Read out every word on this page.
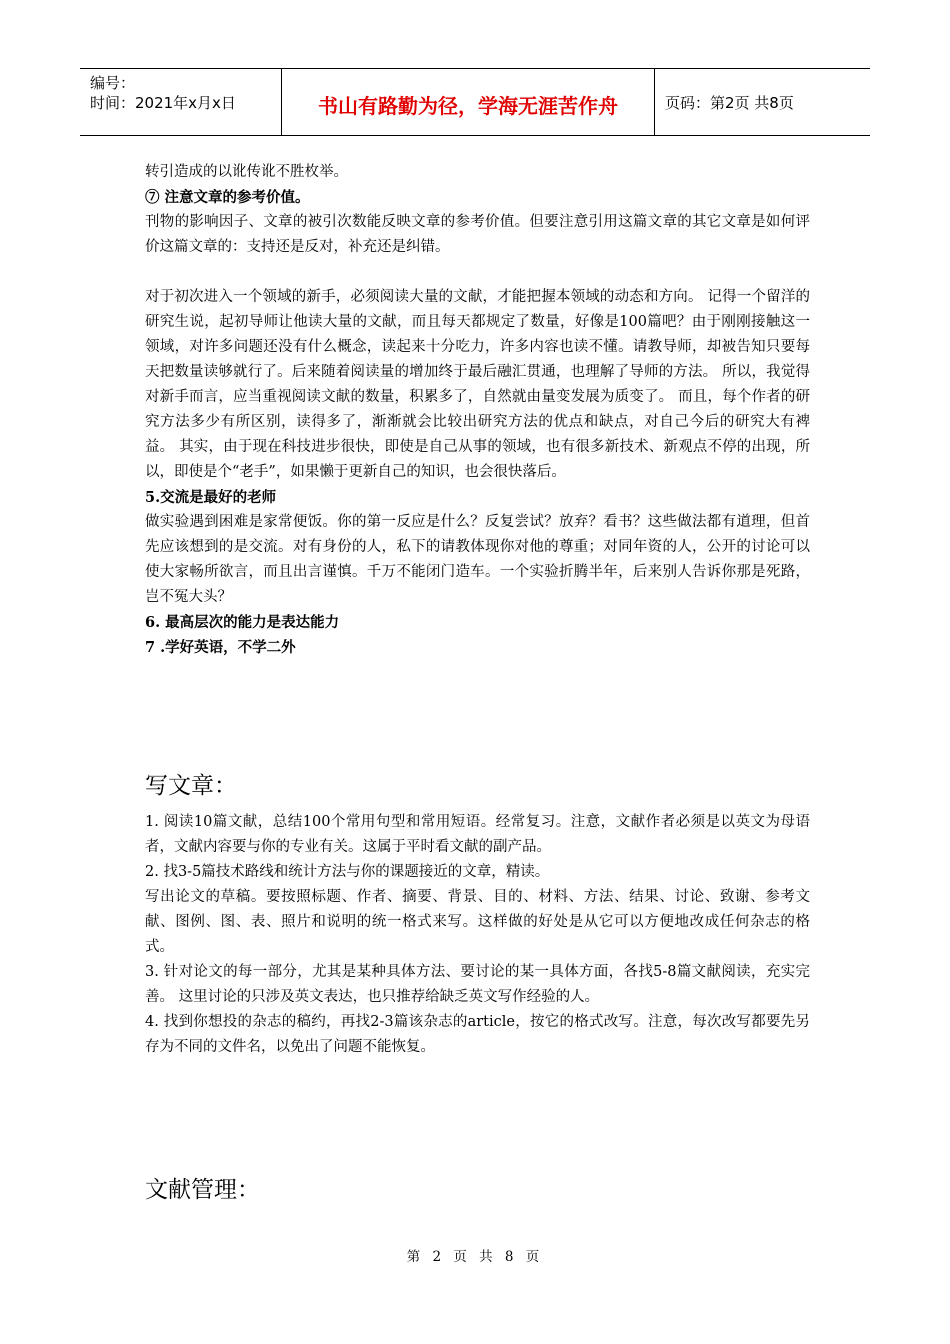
编号：
时间：2021年x月x日	书山有路勤为径，学海无涯苦作舟	页码：第2页 共8页

转引造成的以讹传讹不胜枚举。

⑦ 注意文章的参考价值。

刊物的影响因子、文章的被引次数能反映文章的参考价值。但要注意引用这篇文章的其它文章是如何评价这篇文章的：支持还是反对，补充还是纠错。

对于初次进入一个领域的新手，必须阅读大量的文献，才能把握本领域的动态和方向。 记得一个留洋的研究生说，起初导师让他读大量的文献，而且每天都规定了数量，好像是100篇吧？由于刚刚接触这一领域，对许多问题还没有什么概念，读起来十分吃力，许多内容也读不懂。请教导师，却被告知只要每天把数量读够就行了。后来随着阅读量的增加终于最后融汇贯通，也理解了导师的方法。 所以，我觉得对新手而言，应当重视阅读文献的数量，积累多了，自然就由量变发展为质变了。 而且，每个作者的研究方法多少有所区别，读得多了，渐渐就会比较出研究方法的优点和缺点，对自己今后的研究大有裨益。 其实，由于现在科技进步很快，即使是自己从事的领域，也有很多新技术、新观点不停的出现，所以，即使是个“老手”，如果懒于更新自己的知识，也会很快落后。

5.交流是最好的老师

做实验遇到困难是家常便饭。你的第一反应是什么？反复尝试？放弃？看书？这些做法都有道理，但首先应该想到的是交流。对有身份的人，私下的请教体现你对他的尊重；对同年资的人，公开的讨论可以使大家畅所欲言，而且出言谨慎。千万不能闭门造车。一个实验折腾半年，后来别人告诉你那是死路，岂不冤大头？

6. 最高层次的能力是表达能力

7 .学好英语，不学二外

写文章：

1. 阅读10篇文献，总结100个常用句型和常用短语。经常复习。注意，文献作者必须是以英文为母语者，文献内容要与你的专业有关。这属于平时看文献的副产品。

2. 找3-5篇技术路线和统计方法与你的课题接近的文章，精读。

写出论文的草稿。要按照标题、作者、摘要、背景、目的、材料、方法、结果、讨论、致谢、参考文献、图例、图、表、照片和说明的统一格式来写。这样做的好处是从它可以方便地改成任何杂志的格式。

3. 针对论文的每一部分，尤其是某种具体方法、要讨论的某一具体方面，各找5-8篇文献阅读，充实完善。 这里讨论的只涉及英文表达，也只推荐给缺乏英文写作经验的人。

4. 找到你想投的杂志的稿约，再找2-3篇该杂志的article，按它的格式改写。注意，每次改写都要先另存为不同的文件名，以免出了问题不能恢复。

文献管理：
第 2 页 共 8 页
